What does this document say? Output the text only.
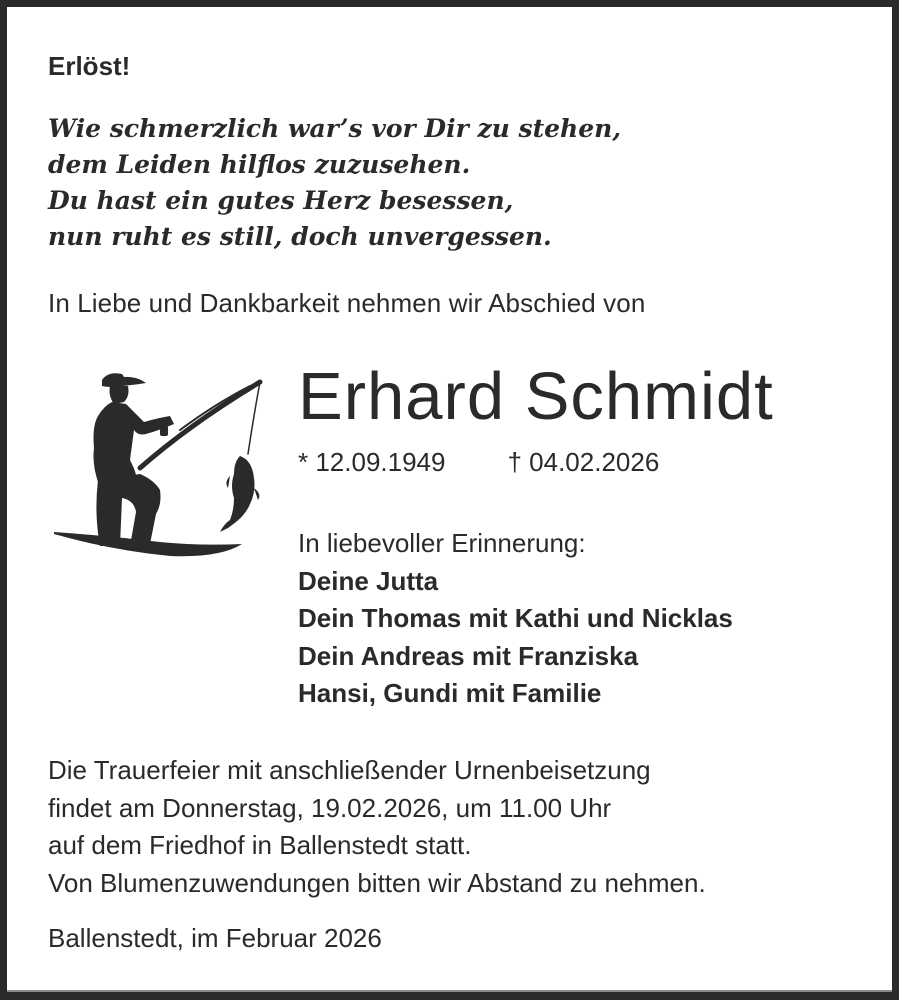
Erlöst!
Wie schmerzlich war’s vor Dir zu stehen,
dem Leiden hilflos zuzusehen.
Du hast ein gutes Herz besessen,
nun ruht es still, doch unvergessen.
In Liebe und Dankbarkeit nehmen wir Abschied von
Erhard Schmidt
* 12.09.1949 † 04.02.2026
In liebevoller Erinnerung:
Deine Jutta
Dein Thomas mit Kathi und Nicklas
Dein Andreas mit Franziska
Hansi, Gundi mit Familie
Die Trauerfeier mit anschließender Urnenbeisetzung
findet am Donnerstag, 19.02.2026, um 11.00 Uhr
auf dem Friedhof in Ballenstedt statt.
Von Blumenzuwendungen bitten wir Abstand zu nehmen.
Ballenstedt, im Februar 2026
